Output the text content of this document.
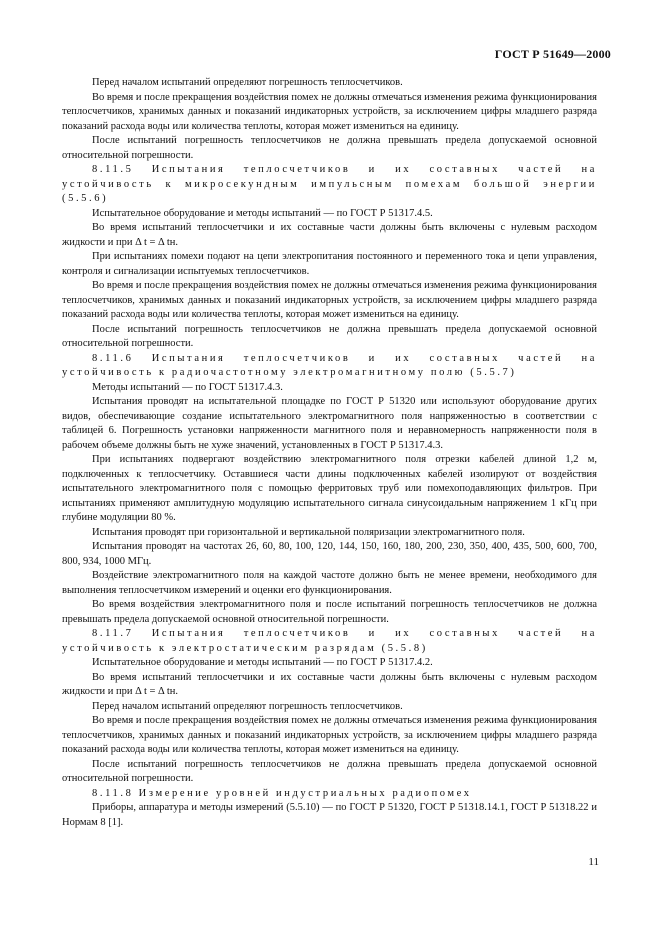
ГОСТ Р 51649—2000

Перед началом испытаний определяют погрешность теплосчетчиков.

Во время и после прекращения воздействия помех не должны отмечаться изменения режима функционирования теплосчетчиков, хранимых данных и показаний индикаторных устройств, за исключением цифры младшего разряда показаний расхода воды или количества теплоты, которая может измениться на единицу.

После испытаний погрешность теплосчетчиков не должна превышать предела допускаемой основной относительной погрешности.

8.11.5 Испытания теплосчетчиков и их составных частей на устойчивость к микросекундным импульсным помехам большой энергии (5.5.6)

Испытательное оборудование и методы испытаний — по ГОСТ Р 51317.4.5.

Во время испытаний теплосчетчики и их составные части должны быть включены с нулевым расходом жидкости и при Δ t = Δ tн.

При испытаниях помехи подают на цепи электропитания постоянного и переменного тока и цепи управления, контроля и сигнализации испытуемых теплосчетчиков.

Во время и после прекращения воздействия помех не должны отмечаться изменения режима функционирования теплосчетчиков, хранимых данных и показаний индикаторных устройств, за исключением цифры младшего разряда показаний расхода воды или количества теплоты, которая может измениться на единицу.

После испытаний погрешность теплосчетчиков не должна превышать предела допускаемой основной относительной погрешности.

8.11.6 Испытания теплосчетчиков и их составных частей на устойчивость к радиочастотному электромагнитному полю (5.5.7)

Методы испытаний — по ГОСТ 51317.4.3.

Испытания проводят на испытательной площадке по ГОСТ Р 51320 или используют оборудование других видов, обеспечивающие создание испытательного электромагнитного поля напряженностью в соответствии с таблицей 6. Погрешность установки напряженности магнитного поля и неравномерность напряженности поля в рабочем объеме должны быть не хуже значений, установленных в ГОСТ Р 51317.4.3.

При испытаниях подвергают воздействию электромагнитного поля отрезки кабелей длиной 1,2 м, подключенных к теплосчетчику. Оставшиеся части длины подключенных кабелей изолируют от воздействия испытательного электромагнитного поля с помощью ферритовых труб или помехоподавляющих фильтров. При испытаниях применяют амплитудную модуляцию испытательного сигнала синусоидальным напряжением 1 кГц при глубине модуляции 80 %.

Испытания проводят при горизонтальной и вертикальной поляризации электромагнитного поля.

Испытания проводят на частотах 26, 60, 80, 100, 120, 144, 150, 160, 180, 200, 230, 350, 400, 435, 500, 600, 700, 800, 934, 1000 МГц.

Воздействие электромагнитного поля на каждой частоте должно быть не менее времени, необходимого для выполнения теплосчетчиком измерений и оценки его функционирования.

Во время воздействия электромагнитного поля и после испытаний погрешность теплосчетчиков не должна превышать предела допускаемой основной относительной погрешности.

8.11.7 Испытания теплосчетчиков и их составных частей на устойчивость к электростатическим разрядам (5.5.8)

Испытательное оборудование и методы испытаний — по ГОСТ Р 51317.4.2.

Во время испытаний теплосчетчики и их составные части должны быть включены с нулевым расходом жидкости и при Δ t = Δ tн.

Перед началом испытаний определяют погрешность теплосчетчиков.

Во время и после прекращения воздействия помех не должны отмечаться изменения режима функционирования теплосчетчиков, хранимых данных и показаний индикаторных устройств, за исключением цифры младшего разряда показаний расхода воды или количества теплоты, которая может измениться на единицу.

После испытаний погрешность теплосчетчиков не должна превышать предела допускаемой основной относительной погрешности.

8.11.8 Измерение уровней индустриальных радиопомех

Приборы, аппаратура и методы измерений (5.5.10) — по ГОСТ Р 51320, ГОСТ Р 51318.14.1, ГОСТ Р 51318.22 и Нормам 8 [1].

11
